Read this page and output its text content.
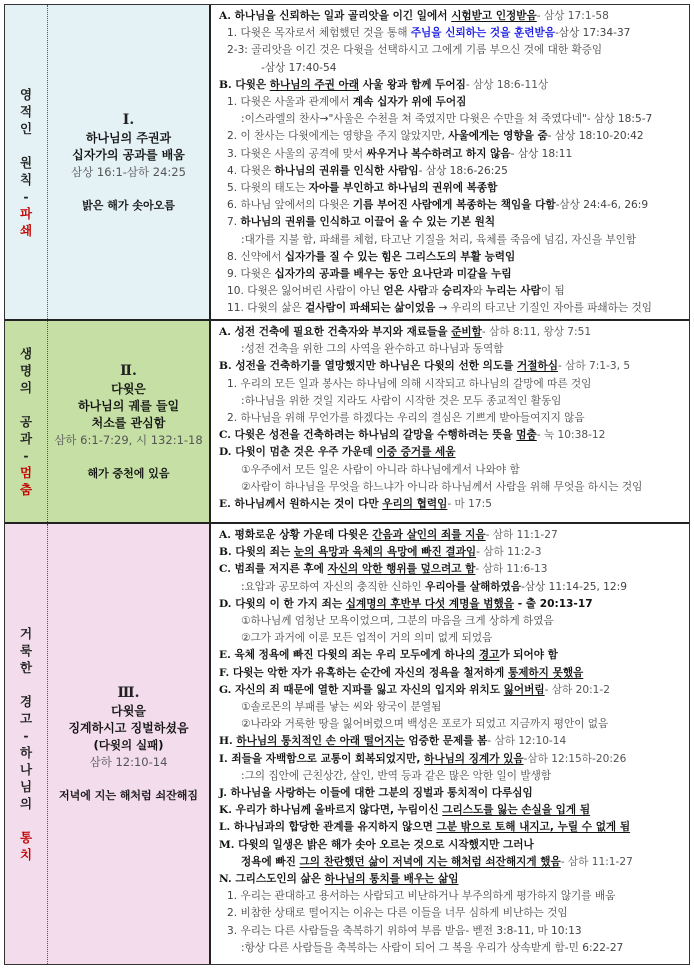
영
적
인
원
칙
-
파
쇄
I.
하나님의 주권과
십자가의 공과를 배움
삼상 16:1-삼하 24:25
밝은 해가 솟아오름
A. 하나님을 신뢰하는 일과 골리앗을 이긴 일에서 시험받고 인정받음- 삼상 17:1-58
1. 다윗은 목자로서 체험했던 것을 통해 주님을 신뢰하는 것을 훈련받음-삼상 17:34-37
2-3: 골리앗을 이긴 것은 다윗을 선택하시고 그에게 기름 부으신 것에 대한 확증임
-삼상 17:40-54
B. 다윗은 하나님의 주권 아래 사울 왕과 함께 두어짐- 삼상 18:6-11상
1. 다윗은 사울과 관계에서 계속 십자가 위에 두어짐
:이스라엘의 찬사→"사울은 수천을 쳐 죽였지만 다윗은 수만을 쳐 죽였다네"- 삼상 18:5-7
2. 이 찬사는 다윗에게는 영향을 주지 않았지만, 사울에게는 영향을 줌- 삼상 18:10-20:42
3. 다윗은 사울의 공격에 맞서 싸우거나 복수하려고 하지 않음- 삼상 18:11
4. 다윗은 하나님의 권위를 인식한 사람임- 삼상 18:6-26:25
5. 다윗의 태도는 자아를 부인하고 하나님의 권위에 복종함
6. 하나님 앞에서의 다윗은 기름 부어진 사람에게 복종하는 책임을 다함-삼상 24:4-6, 26:9
7. 하나님의 권위를 인식하고 이끌어 올 수 있는 기본 원칙
:대가를 지불 함, 파쇄를 체험, 타고난 기질을 처리, 육체를 죽음에 넘김, 자신을 부인함
8. 신약에서 십자가를 질 수 있는 힘은 그리스도의 부활 능력임
9. 다윗은 십자가의 공과를 배우는 동안 요나단과 미갈을 누림
10. 다윗은 잃어버린 사람이 아닌 얻은 사람과 승리자와 누리는 사람이 됨
11. 다윗의 삶은 겉사람이 파쇄되는 삶이었음 → 우리의 타고난 기질인 자아를 파쇄하는 것임
생
명
의
공
과
-
멈
춤
Ⅱ.
다윗은
하나님의 궤를 들일
처소를 관심함
삼하 6:1-7:29, 시 132:1-18
해가 중천에 있음
A. 성전 건축에 필요한 건축자와 부지와 재료들을 준비함- 삼하 8:11, 왕상 7:51
:성전 건축을 위한 그의 사역을 완수하고 하나님과 동역함
B. 성전을 건축하기를 열망했지만 하나님은 다윗의 선한 의도를 거절하심- 삼하 7:1-3, 5
1. 우리의 모든 일과 봉사는 하나님에 의해 시작되고 하나님의 갈망에 따른 것임
:하나님을 위한 것일 지라도 사람이 시작한 것은 모두 종교적인 활동임
2. 하나님을 위해 무언가를 하겠다는 우리의 결심은 기쁘게 받아들여지지 않음
C. 다윗은 성전을 건축하려는 하나님의 갈망을 수행하려는 뜻을 멈춤- 눅 10:38-12
D. 다윗이 멈춘 것은 우주 가운데 이중 증거를 세움
①우주에서 모든 일은 사람이 아니라 하나님에게서 나와야 함
②사람이 하나님을 무엇을 하느냐가 아니라 하나님께서 사람을 위해 무엇을 하시는 것임
E. 하나님께서 원하시는 것이 다만 우리의 협력임- 마 17:5
거
룩
한
경
고
-
하
나
님
의
통
치
Ⅲ.
다윗을
징계하시고 징벌하셨음
(다윗의 실패)
삼하 12:10-14
저녁에 지는 해처럼 쇠잔해짐
A. 평화로운 상황 가운데 다윗은 간음과 살인의 죄를 지음- 삼하 11:1-27
B. 다윗의 죄는 눈의 욕망과 육체의 욕망에 빠진 결과임- 삼하 11:2-3
C. 범죄를 저지른 후에 자신의 악한 행위를 덮으려고 함- 삼하 11:6-13
:요압과 공모하여 자신의 충직한 신하인 우리아를 살해하였음-삼상 11:14-25, 12:9
D. 다윗의 이 한 가지 죄는 십계명의 후반부 다섯 계명을 범했음 - 출 20:13-17
①하나님께 엄청난 모욕이었으며, 그분의 마음을 크게 상하게 하였음
②그가 과거에 이룬 모든 업적이 거의 의미 없게 되었음
E. 육체 정욕에 빠진 다윗의 죄는 우리 모두에게 하나의 경고가 되어야 함
F. 다윗는 악한 자가 유혹하는 순간에 자신의 정욕을 철저하게 통제하지 못했음
G. 자신의 죄 때문에 열한 지파를 잃고 자신의 입지와 위치도 잃어버림- 삼하 20:1-2
①솔로몬의 부패를 낳는 씨와 왕국이 분열됨
②나라와 거룩한 땅을 잃어버렸으며 백성은 포로가 되었고 지금까지 평안이 없음
H. 하나님의 통치적인 손 아래 떨어지는 엄중한 문제를 봄- 삼하 12:10-14
I. 죄들을 자백함으로 교통이 회복되었지만, 하나님의 징계가 있음-삼하 12:15하-20:26
:그의 집안에 근친상간, 살인, 반역 등과 같은 많은 악한 일이 발생함
J. 하나님을 사랑하는 이들에 대한 그분의 징벌과 통치적이 다루심임
K. 우리가 하나님께 올바르지 않다면, 누림이신 그리스도를 잃는 손실을 입게 됨
L. 하나님과의 합당한 관계를 유지하지 않으면 그분 밖으로 토해 내지고, 누릴 수 없게 됨
M. 다윗의 일생은 밝은 해가 솟아 오르는 것으로 시작했지만 그러나
정욕에 빠진 그의 찬란했던 삶이 저녁에 지는 해처럼 쇠잔해지게 했음- 삼하 11:1-27
N. 그리스도인의 삶은 하나님의 통치를 배우는 삶임
1. 우리는 관대하고 용서하는 사람되고 비난하거나 부주의하게 평가하지 않기를 배움
2. 비참한 상태로 떨어지는 이유는 다른 이들을 너무 심하게 비난하는 것임
3. 우리는 다른 사람들을 축복하기 위하여 부름 받음- 벧전 3:8-11, 마 10:13
:항상 다른 사람들을 축복하는 사람이 되어 그 복을 우리가 상속받게 함-민 6:22-27
